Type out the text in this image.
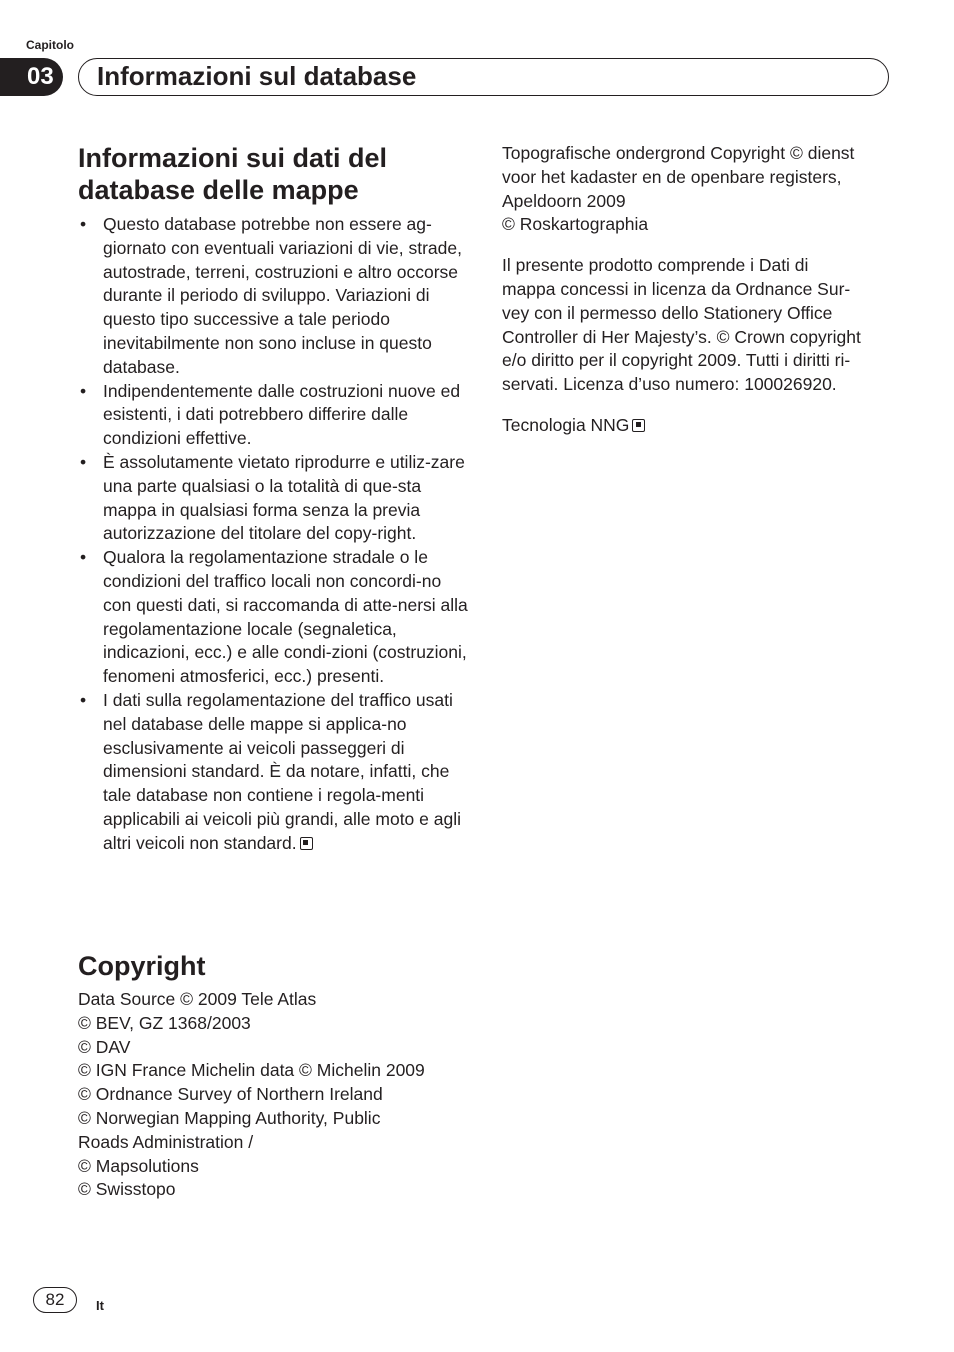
Capitolo
03	Informazioni sul database
Informazioni sui dati del
database delle mappe
• Questo database potrebbe non essere ag-giornato con eventuali variazioni di vie, strade, autostrade, terreni, costruzioni e altro occorse durante il periodo di sviluppo. Variazioni di questo tipo successive a tale periodo inevitabilmente non sono incluse in questo database.
• Indipendentemente dalle costruzioni nuove ed esistenti, i dati potrebbero differire dalle condizioni effettive.
• È assolutamente vietato riprodurre e utiliz-zare una parte qualsiasi o la totalità di que-sta mappa in qualsiasi forma senza la previa autorizzazione del titolare del copy-right.
• Qualora la regolamentazione stradale o le condizioni del traffico locali non concordi-no con questi dati, si raccomanda di atte-nersi alla regolamentazione locale (segnaletica, indicazioni, ecc.) e alle condi-zioni (costruzioni, fenomeni atmosferici, ecc.) presenti.
• I dati sulla regolamentazione del traffico usati nel database delle mappe si applica-no esclusivamente ai veicoli passeggeri di dimensioni standard. È da notare, infatti, che tale database non contiene i regola-menti applicabili ai veicoli più grandi, alle moto e agli altri veicoli non standard.
Copyright

Data Source © 2009 Tele Atlas

© BEV, GZ 1368/2003

© DAV

© IGN France Michelin data © Michelin 2009

© Ordnance Survey of Northern Ireland

© Norwegian Mapping Authority, Public

Roads Administration /

© Mapsolutions

© Swisstopo

Topografische ondergrond Copyright © dienst

voor het kadaster en de openbare registers,

Apeldoorn 2009

© Roskartographia

Il presente prodotto comprende i Dati di

mappa concessi in licenza da Ordnance Sur-

vey con il permesso dello Stationery Office

Controller di Her Majesty’s. © Crown copyright

e/o diritto per il copyright 2009. Tutti i diritti ri-

servati. Licenza d’uso numero: 100026920.

Tecnologia NNG

82	It
